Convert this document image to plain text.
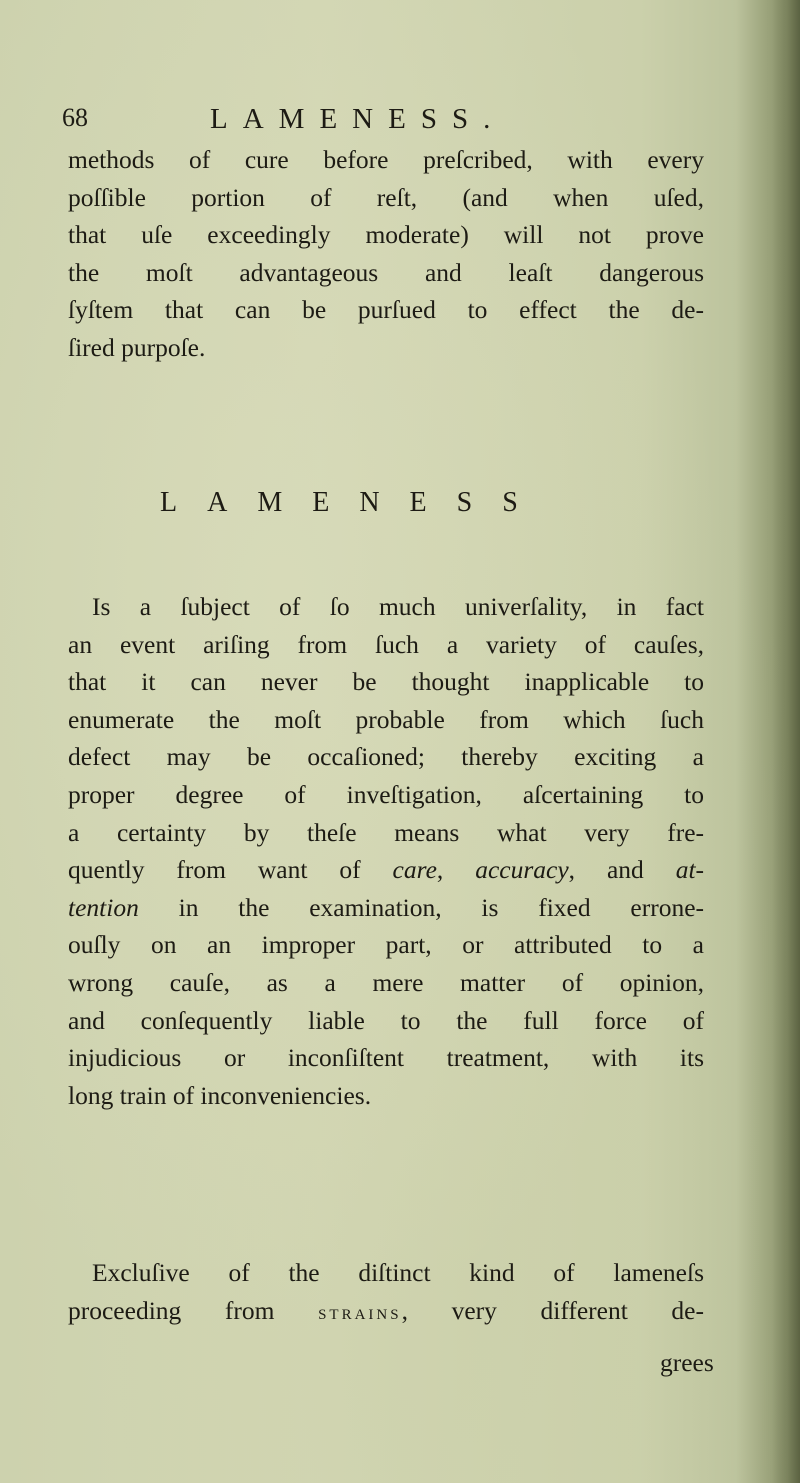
68	LAMENESS.
methods of cure before preſcribed, with every
poſſible portion of reſt, (and when uſed,
that uſe exceedingly moderate) will not prove
the moſt advantageous and leaſt dangerous
ſyſtem that can be purſued to effect the de-
ſired purpoſe.
LAMENESS
Is a ſubject of ſo much univerſality, in fact
an event ariſing from ſuch a variety of cauſes,
that it can never be thought inapplicable to
enumerate the moſt probable from which ſuch
defect may be occaſioned; thereby exciting a
proper degree of inveſtigation, aſcertaining to
a certainty by theſe means what very fre-
quently from want of care, accuracy, and at-
tention in the examination, is fixed errone-
ouſly on an improper part, or attributed to a
wrong cauſe, as a mere matter of opinion,
and conſequently liable to the full force of
injudicious or inconſiſtent treatment, with its
long train of inconveniencies.
Excluſive of the diſtinct kind of lameneſs
proceeding from strains, very different de-
grees
